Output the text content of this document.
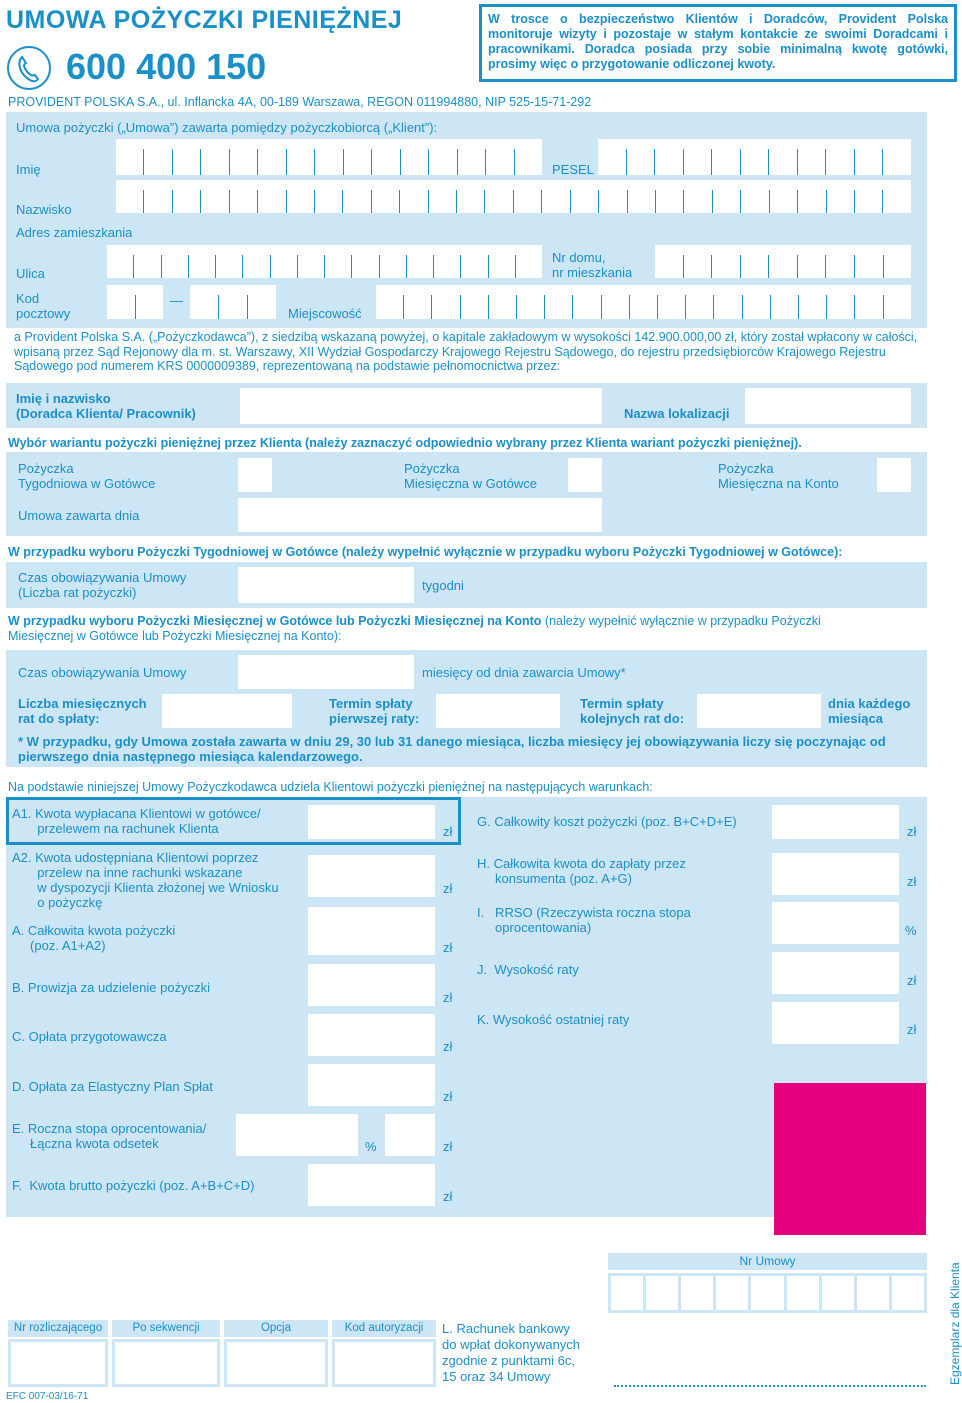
UMOWA POŻYCZKI PIENIĘŻNEJ
600 400 150
W trosce o bezpieczeństwo Klientów i Doradców, Provident Polska monitoruje wizyty i pozostaje w stałym kontakcie ze swoimi Doradcami i pracownikami. Doradca posiada przy sobie minimalną kwotę gotówki, prosimy więc o przygotowanie odliczonej kwoty.
PROVIDENT POLSKA S.A., ul. Inflancka 4A, 00-189 Warszawa, REGON 011994880, NIP 525-15-71-292
Umowa pożyczki („Umowa”) zawarta pomiędzy pożyczkobiorcą („Klient”):
Imię	PESEL
Nazwisko
Adres zamieszkania
Ulica
Nr domu,
nr mieszkania
Kod
pocztowy
—
Miejscowość
a Provident Polska S.A. („Pożyczkodawca”), z siedzibą wskazaną powyżej, o kapitale zakładowym w wysokości 142.900.000,00 zł, który został wpłacony w całości, wpisaną przez Sąd Rejonowy dla m. st. Warszawy, XII Wydział Gospodarczy Krajowego Rejestru Sądowego, do rejestru przedsiębiorców Krajowego Rejestru Sądowego pod numerem KRS 0000009389, reprezentowaną na podstawie pełnomocnictwa przez:
Imię i nazwisko
(Doradca Klienta/ Pracownik)	Nazwa lokalizacji
Wybór wariantu pożyczki pieniężnej przez Klienta (należy zaznaczyć odpowiednio wybrany przez Klienta wariant pożyczki pieniężnej).
Pożyczka
Tygodniowa w Gotówce
Pożyczka
Miesięczna w Gotówce
Pożyczka
Miesięczna na Konto
Umowa zawarta dnia
W przypadku wyboru Pożyczki Tygodniowej w Gotówce (należy wypełnić wyłącznie w przypadku wyboru Pożyczki Tygodniowej w Gotówce):
Czas obowiązywania Umowy
(Liczba rat pożyczki)	tygodni
W przypadku wyboru Pożyczki Miesięcznej w Gotówce lub Pożyczki Miesięcznej na Konto (należy wypełnić wyłącznie w przypadku Pożyczki Miesięcznej w Gotówce lub Pożyczki Miesięcznej na Konto):
Czas obowiązywania Umowy	miesięcy od dnia zawarcia Umowy*
Liczba miesięcznych
rat do spłaty:
Termin spłaty
pierwszej raty:
Termin spłaty
kolejnych rat do:
dnia każdego
miesiąca
* W przypadku, gdy Umowa została zawarta w dniu 29, 30 lub 31 danego miesiąca, liczba miesięcy jej obowiązywania liczy się poczynając od pierwszego dnia następnego miesiąca kalendarzowego.
Na podstawie niniejszej Umowy Pożyczkodawca udziela Klientowi pożyczki pieniężnej na następujących warunkach:
A1. Kwota wypłacana Klientowi w gotówce/
przelewem na rachunek Klienta	zł
A2. Kwota udostępniana Klientowi poprzez
przelew na inne rachunki wskazane
w dyspozycji Klienta złożonej we Wniosku
o pożyczkę
zł
A. Całkowita kwota pożyczki
(poz. A1+A2)	zł
B. Prowizja za udzielenie pożyczki
zł
C. Opłata przygotowawcza
zł
D. Opłata za Elastyczny Plan Spłat
zł
E. Roczna stopa oprocentowania/
Łączna kwota odsetek	%	zł
F.  Kwota brutto pożyczki (poz. A+B+C+D)
zł
G. Całkowity koszt pożyczki (poz. B+C+D+E)
zł
H. Całkowita kwota do zapłaty przez
konsumenta (poz. A+G)	zł
I.   RRSO (Rzeczywista roczna stopa
oprocentowania)	%
J.  Wysokość raty
zł
K. Wysokość ostatniej raty
zł
Nr Umowy
Nr rozliczającego	Po sekwencji	Opcja	Kod autoryzacji	L. Rachunek bankowy
do wpłat dokonywanych
zgodnie z punktami 6c,
15 oraz 34 Umowy
EFC 007-03/16-71
Egzemplarz dla Klienta
